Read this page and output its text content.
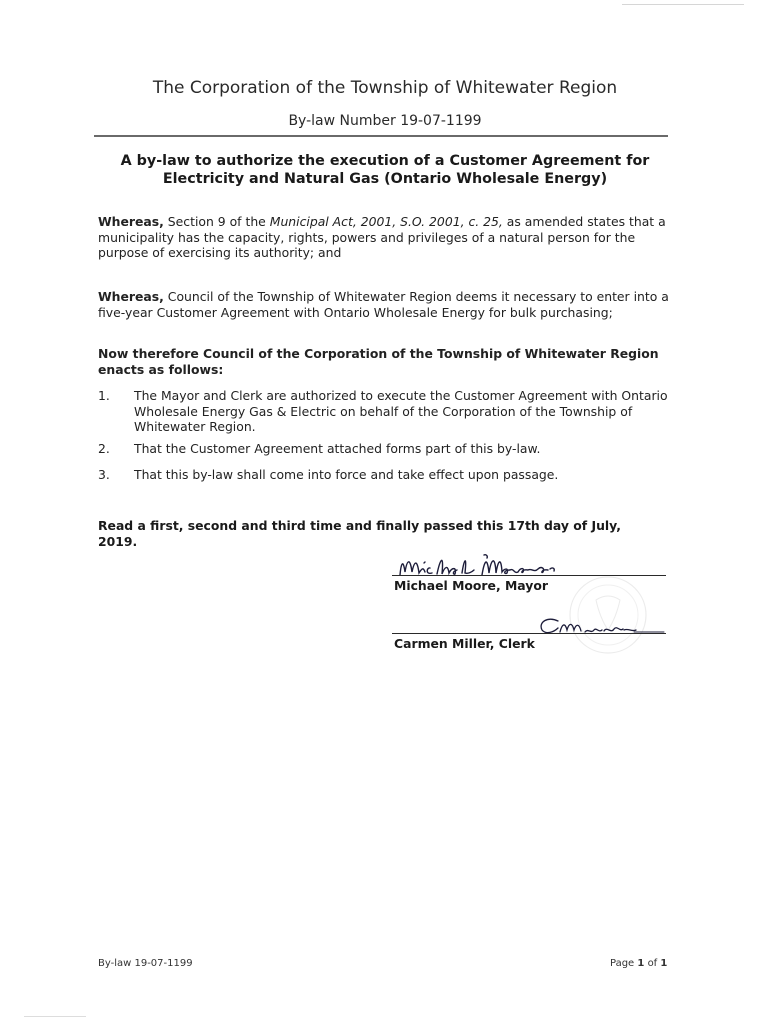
The Corporation of the Township of Whitewater Region
By-law Number 19-07-1199
A by-law to authorize the execution of a Customer Agreement for Electricity and Natural Gas (Ontario Wholesale Energy)
Whereas, Section 9 of the Municipal Act, 2001, S.O. 2001, c. 25, as amended states that a municipality has the capacity, rights, powers and privileges of a natural person for the purpose of exercising its authority; and
Whereas, Council of the Township of Whitewater Region deems it necessary to enter into a five-year Customer Agreement with Ontario Wholesale Energy for bulk purchasing;
Now therefore Council of the Corporation of the Township of Whitewater Region enacts as follows:
1.	The Mayor and Clerk are authorized to execute the Customer Agreement with Ontario Wholesale Energy Gas & Electric on behalf of the Corporation of the Township of Whitewater Region.
2.	That the Customer Agreement attached forms part of this by-law.
3.	That this by-law shall come into force and take effect upon passage.
Read a first, second and third time and finally passed this 17th day of July, 2019.
Michael Moore, Mayor
Carmen Miller, Clerk
By-law 19-07-1199	Page 1 of 1
